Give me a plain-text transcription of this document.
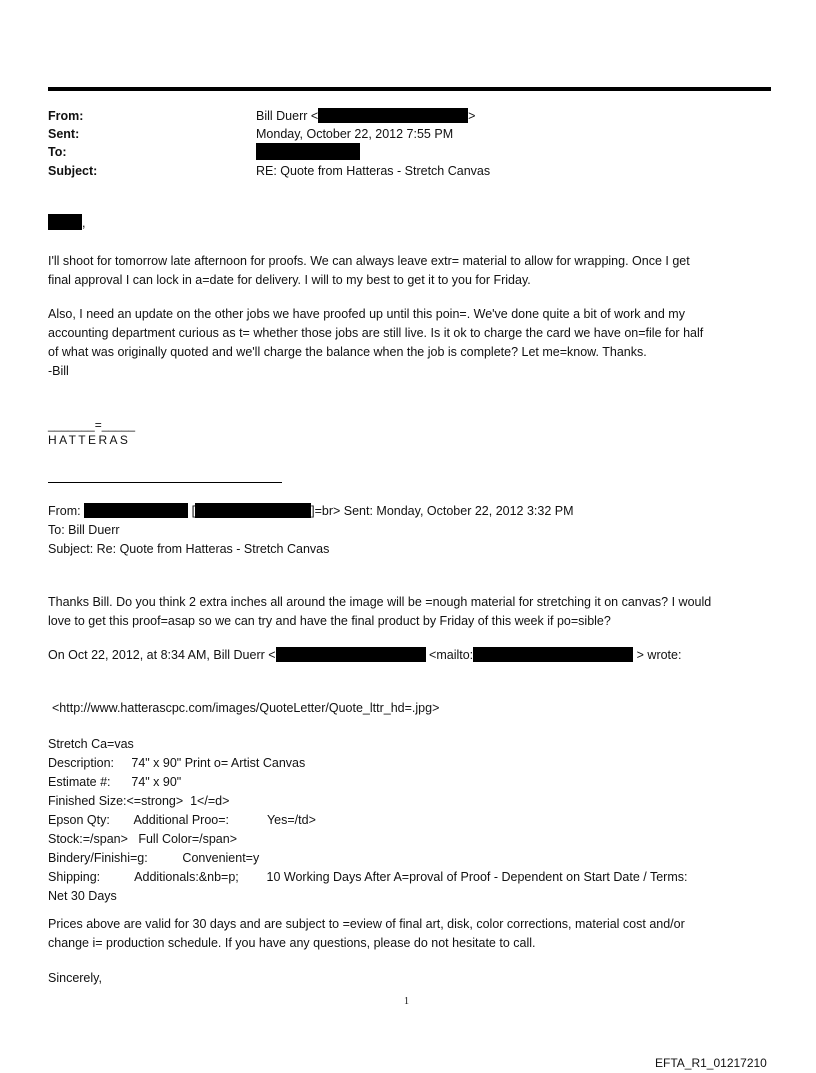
From:	Bill Duerr <	>
Sent:	Monday, October 22, 2012 7:55 PM
To:
Subject:	RE: Quote from Hatteras - Stretch Canvas
,
I'll shoot for tomorrow late afternoon for proofs. We can always leave extr= material to allow for wrapping. Once I get
final approval I can lock in a=date for delivery. I will to my best to get it to you for Friday.
Also, I need an update on the other jobs we have proofed up until this poin=. We've done quite a bit of work and my
accounting department curious as t= whether those jobs are still live. Is it ok to charge the card we have on=file for half
of what was originally quoted and we'll charge the balance when the job is complete? Let me=know. Thanks.
-Bill
_______=_____
HATTERAS
From:	[	]=br> Sent: Monday, October 22, 2012 3:32 PM
To: Bill Duerr
Subject: Re: Quote from Hatteras - Stretch Canvas
Thanks Bill. Do you think 2 extra inches all around the image will be =nough material for stretching it on canvas? I would
love to get this proof=asap so we can try and have the final product by Friday of this week if po=sible?
On Oct 22, 2012, at 8:34 AM, Bill Duerr <	<mailto:	> wrote:
<http://www.hatterascpc.com/images/QuoteLetter/Quote_lttr_hd=.jpg>
Stretch Ca=vas
Description:     74" x 90" Print o= Artist Canvas
Estimate #:      74" x 90"
Finished Size:<=strong>  1</=d>
Epson Qty:       Additional Proo=:           Yes=/td>
Stock:=/span>   Full Color=/span>
Bindery/Finishi=g:          Convenient=y
Shipping:          Additionals:&nb=p;        10 Working Days After A=proval of Proof - Dependent on Start Date / Terms:
Net 30 Days
Prices above are valid for 30 days and are subject to =eview of final art, disk, color corrections, material cost and/or
change i= production schedule. If you have any questions, please do not hesitate to call.
Sincerely,
1
EFTA_R1_01217210
